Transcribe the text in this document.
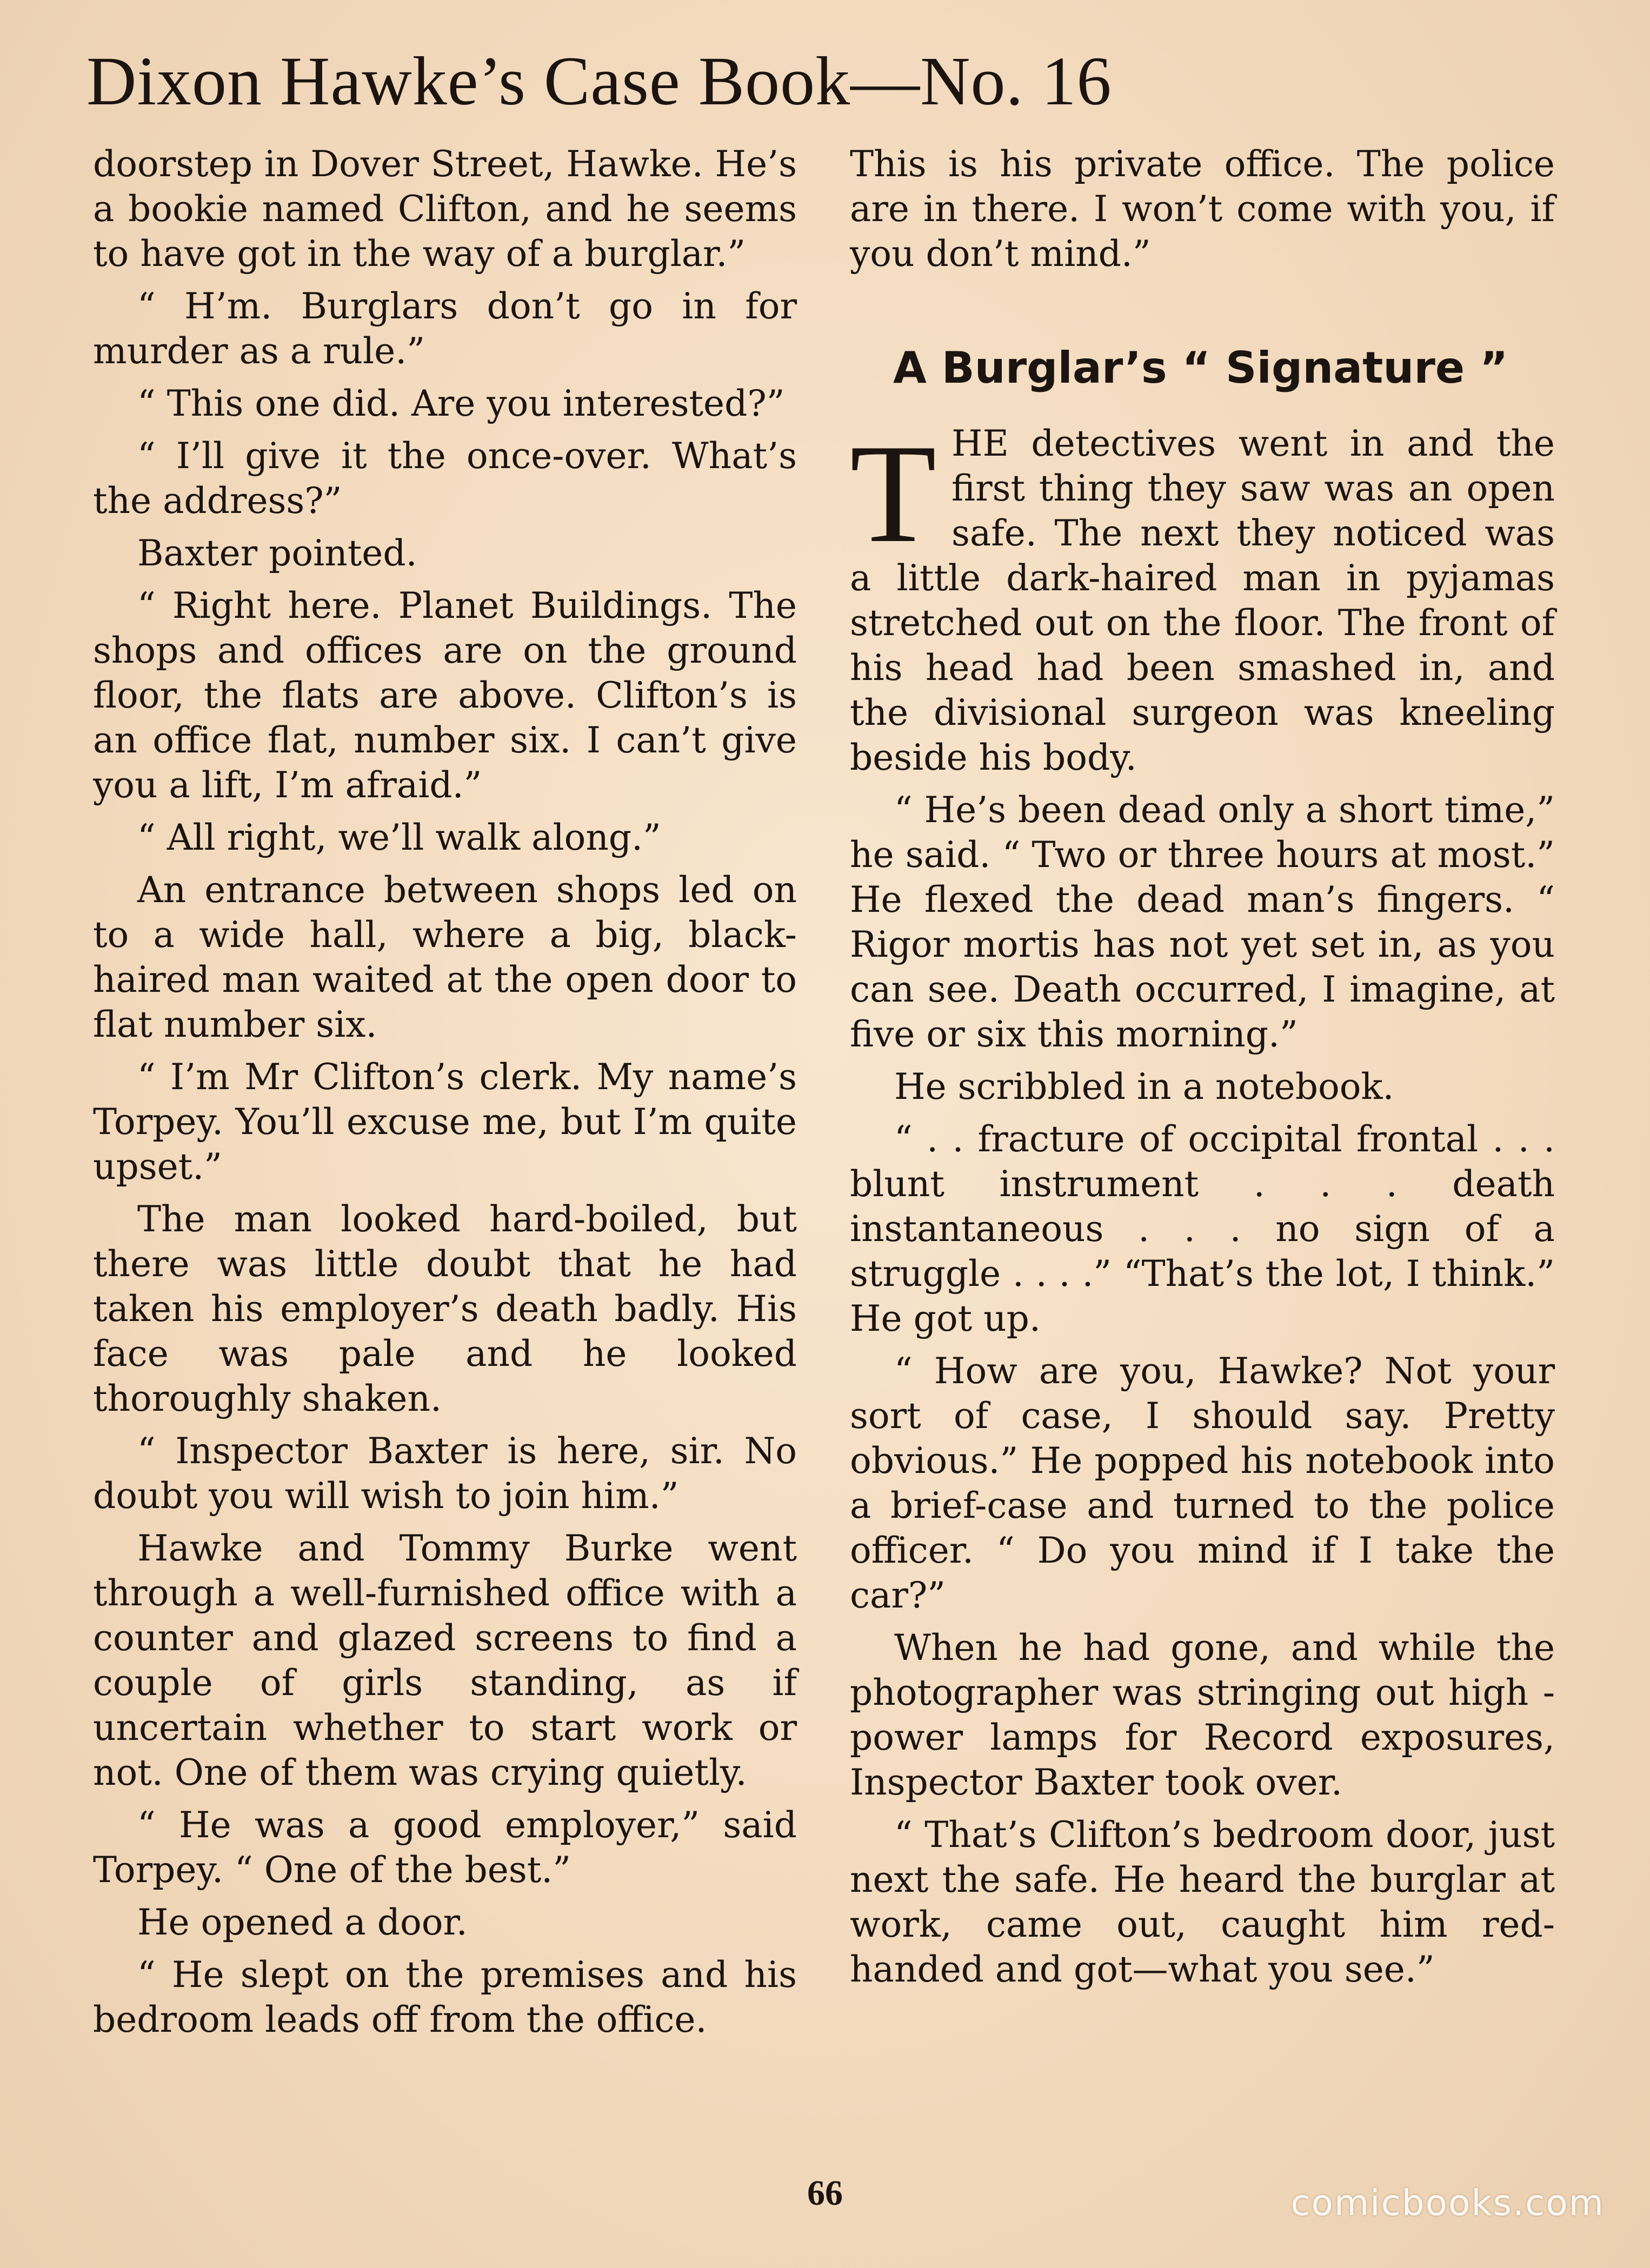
Dixon Hawke’s Case Book—No. 16

doorstep in Dover Street, Hawke. He’s a bookie named Clifton, and he seems to have got in the way of a burglar.”

“ H’m. Burglars don’t go in for murder as a rule.”

“ This one did. Are you interested?”

“ I’ll give it the once-over. What’s the address?”

Baxter pointed.

“ Right here. Planet Buildings. The shops and offices are on the ground floor, the flats are above. Clifton’s is an office flat, number six. I can’t give you a lift, I’m afraid.”

“ All right, we’ll walk along.”

An entrance between shops led on to a wide hall, where a big, black-haired man waited at the open door to flat number six.

“ I’m Mr Clifton’s clerk. My name’s Torpey. You’ll excuse me, but I’m quite upset.”

The man looked hard-boiled, but there was little doubt that he had taken his employer’s death badly. His face was pale and he looked thoroughly shaken.

“ Inspector Baxter is here, sir. No doubt you will wish to join him.”

Hawke and Tommy Burke went through a well-furnished office with a counter and glazed screens to find a couple of girls standing, as if uncertain whether to start work or not. One of them was crying quietly.

“ He was a good employer,” said Torpey. “ One of the best.”

He opened a door.

“ He slept on the premises and his bedroom leads off from the office.

This is his private office. The police are in there. I won’t come with you, if you don’t mind.”

A Burglar’s “ Signature ”

THE detectives went in and the first thing they saw was an open safe. The next they noticed was a little dark-haired man in pyjamas stretched out on the floor. The front of his head had been smashed in, and the divisional surgeon was kneeling beside his body.

“ He’s been dead only a short time,” he said. “ Two or three hours at most.” He flexed the dead man’s fingers. “ Rigor mortis has not yet set in, as you can see. Death occurred, I imagine, at five or six this morning.”

He scribbled in a notebook.

“ . . fracture of occipital frontal . . . blunt instrument . . . death instantaneous . . . no sign of a struggle . . . .” “That’s the lot, I think.” He got up.

“ How are you, Hawke? Not your sort of case, I should say. Pretty obvious.” He popped his notebook into a brief-case and turned to the police officer. “ Do you mind if I take the car?”

When he had gone, and while the photographer was stringing out high - power lamps for Record exposures, Inspector Baxter took over.

“ That’s Clifton’s bedroom door, just next the safe. He heard the burglar at work, came out, caught him red-handed and got—what you see.”

66	comicbooks.com
